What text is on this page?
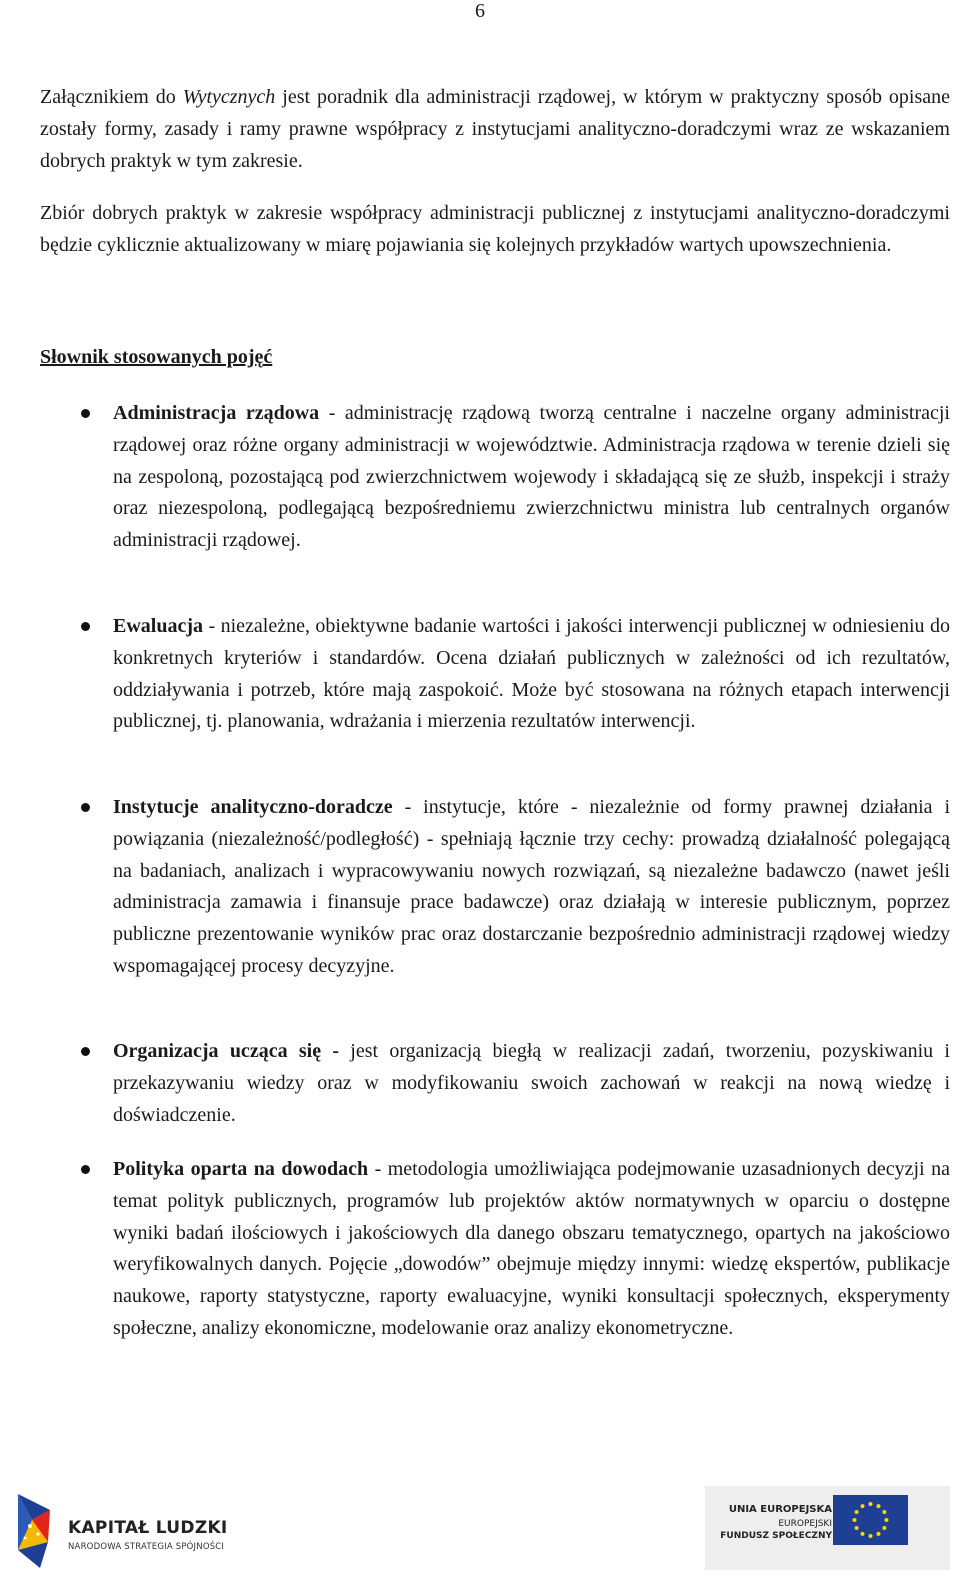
6
Załącznikiem do Wytycznych jest poradnik dla administracji rządowej, w którym w praktyczny sposób opisane zostały formy, zasady i ramy prawne współpracy z instytucjami analityczno-doradczymi wraz ze wskazaniem dobrych praktyk w tym zakresie.
Zbiór dobrych praktyk w zakresie współpracy administracji publicznej z instytucjami analityczno-doradczymi będzie cyklicznie aktualizowany w miarę pojawiania się kolejnych przykładów wartych upowszechnienia.
Słownik stosowanych pojęć
Administracja rządowa - administrację rządową tworzą centralne i naczelne organy administracji rządowej oraz różne organy administracji w województwie. Administracja rządowa w terenie dzieli się na zespoloną, pozostającą pod zwierzchnictwem wojewody i składającą się ze służb, inspekcji i straży oraz niezespoloną, podlegającą bezpośredniemu zwierzchnictwu ministra lub centralnych organów administracji rządowej.
Ewaluacja - niezależne, obiektywne badanie wartości i jakości interwencji publicznej w odniesieniu do konkretnych kryteriów i standardów. Ocena działań publicznych w zależności od ich rezultatów, oddziaływania i potrzeb, które mają zaspokoić. Może być stosowana na różnych etapach interwencji publicznej, tj. planowania, wdrażania i mierzenia rezultatów interwencji.
Instytucje analityczno-doradcze - instytucje, które - niezależnie od formy prawnej działania i powiązania (niezależność/podległość) - spełniają łącznie trzy cechy: prowadzą działalność polegającą na badaniach, analizach i wypracowywaniu nowych rozwiązań, są niezależne badawczo (nawet jeśli administracja zamawia i finansuje prace badawcze) oraz działają w interesie publicznym, poprzez publiczne prezentowanie wyników prac oraz dostarczanie bezpośrednio administracji rządowej wiedzy wspomagającej procesy decyzyjne.
Organizacja ucząca się - jest organizacją biegłą w realizacji zadań, tworzeniu, pozyskiwaniu i przekazywaniu wiedzy oraz w modyfikowaniu swoich zachowań w reakcji na nową wiedzę i doświadczenie.
Polityka oparta na dowodach - metodologia umożliwiająca podejmowanie uzasadnionych decyzji na temat polityk publicznych, programów lub projektów aktów normatywnych w oparciu o dostępne wyniki badań ilościowych i jakościowych dla danego obszaru tematycznego, opartych na jakościowo weryfikowalnych danych. Pojęcie „dowodów” obejmuje między innymi: wiedzę ekspertów, publikacje naukowe, raporty statystyczne, raporty ewaluacyjne, wyniki konsultacji społecznych, eksperymenty społeczne, analizy ekonomiczne, modelowanie oraz analizy ekonometryczne.
KAPITAŁ LUDZKI
NARODOWA STRATEGIA SPÓJNOŚCI
UNIA EUROPEJSKA
EUROPEJSKI
FUNDUSZ SPOŁECZNY
